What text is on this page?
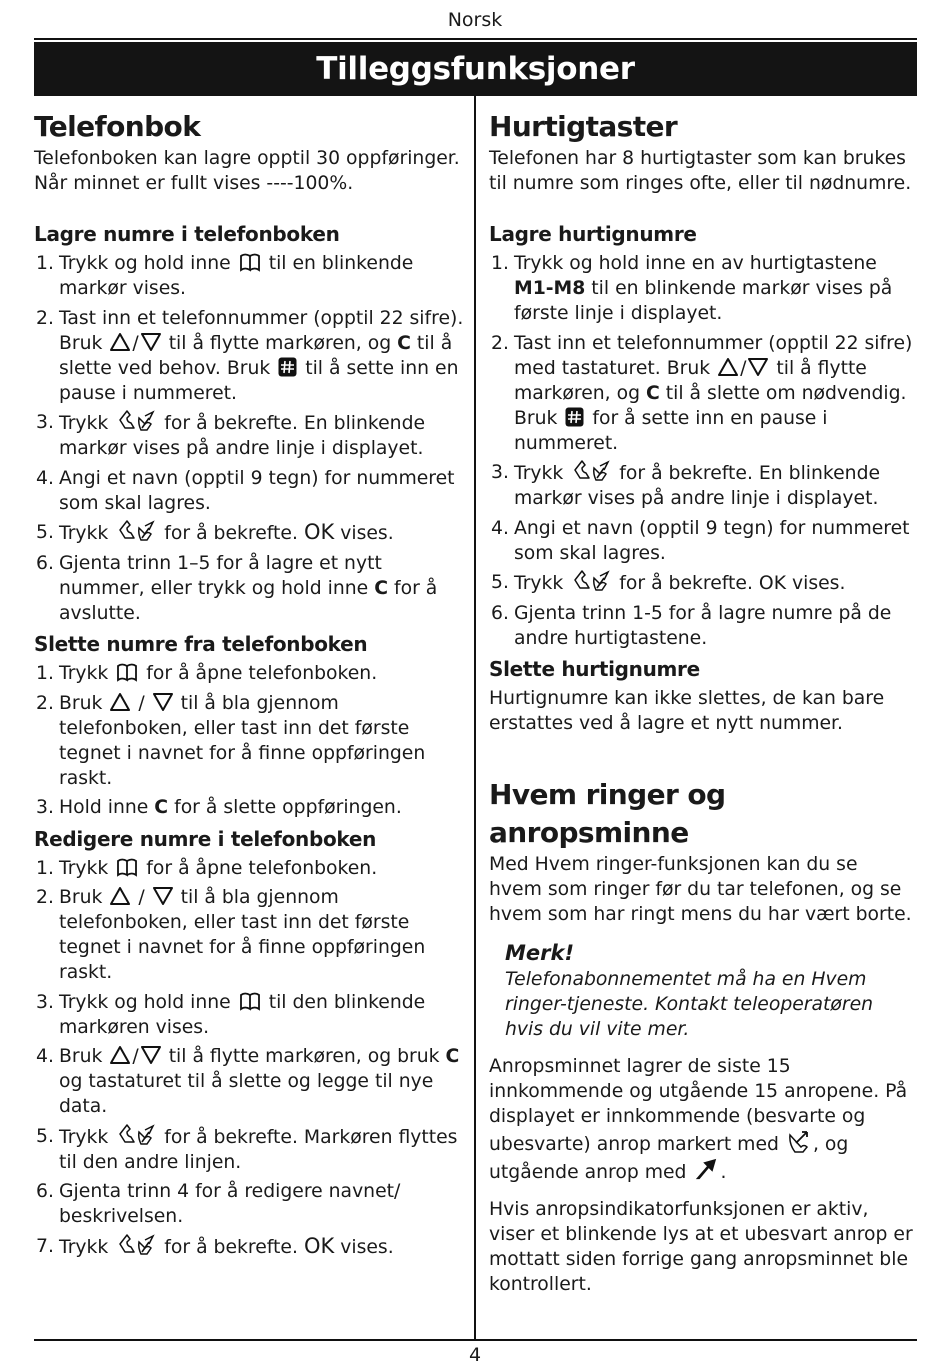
Norsk
Tilleggsfunksjoner
4
Telefonbok

Telefonboken kan lagre opptil 30 oppføringer. Når minnet er fullt vises ----100%.

Lagre numre i telefonboken
1. Trykk og hold inne til en blinkende markør vises.
2. Tast inn et telefonnummer (opptil 22 sifre). Bruk / til å flytte markøren, og C til å slette ved behov. Bruk til å sette inn en pause i nummeret.
3. Trykk	for å bekrefte. En blinkende markør vises på andre linje i displayet.
4. Angi et navn (opptil 9 tegn) for nummeret som skal lagres.
5. Trykk	for å bekrefte. OK vises.
6. Gjenta trinn 1–5 for å lagre et nytt nummer, eller trykk og hold inne C for å avslutte.
Slette numre fra telefonboken
1. Trykk for å åpne telefonboken.
2. Bruk  /  til å bla gjennom telefonboken, eller tast inn det første tegnet i navnet for å finne oppføringen raskt.
3. Hold inne C for å slette oppføringen.
Redigere numre i telefonboken
1. Trykk for å åpne telefonboken.
2. Bruk  /  til å bla gjennom telefonboken, eller tast inn det første tegnet i navnet for å finne oppføringen raskt.
3. Trykk og hold inne til den blinkende markøren vises.
4. Bruk / til å flytte markøren, og bruk C og tastaturet til å slette og legge til nye data.
5. Trykk	for å bekrefte. Markøren flyttes til den andre linjen.
6. Gjenta trinn 4 for å redigere navnet/ beskrivelsen.
7. Trykk	for å bekrefte. OK vises.
Hurtigtaster

Telefonen har 8 hurtigtaster som kan brukes til numre som ringes ofte, eller til nødnumre.

Lagre hurtignumre
1. Trykk og hold inne en av hurtigtastene M1-M8 til en blinkende markør vises på første linje i displayet.
2. Tast inn et telefonnummer (opptil 22 sifre) med tastaturet. Bruk / til å flytte markøren, og C til å slette om nødvendig. Bruk for å sette inn en pause i nummeret.
3. Trykk	for å bekrefte. En blinkende markør vises på andre linje i displayet.
4. Angi et navn (opptil 9 tegn) for nummeret som skal lagres.
5. Trykk	for å bekrefte. OK vises.
6. Gjenta trinn 1-5 for å lagre numre på de andre hurtigtastene.
Slette hurtignumre

Hurtignumre kan ikke slettes, de kan bare erstattes ved å lagre et nytt nummer.

Hvem ringer og anropsminne

Med Hvem ringer-funksjonen kan du se hvem som ringer før du tar telefonen, og se hvem som har ringt mens du har vært borte.

Merk!

Telefonabonnementet må ha en Hvem ringer-tjeneste. Kontakt teleoperatøren hvis du vil vite mer.

Anropsminnet lagrer de siste 15 innkommende og utgående 15 anropene. På displayet er innkommende (besvarte og ubesvarte) anrop markert med , og utgående anrop med .

Hvis anropsindikatorfunksjonen er aktiv, viser et blinkende lys at et ubesvart anrop er mottatt siden forrige gang anropsminnet ble kontrollert.
